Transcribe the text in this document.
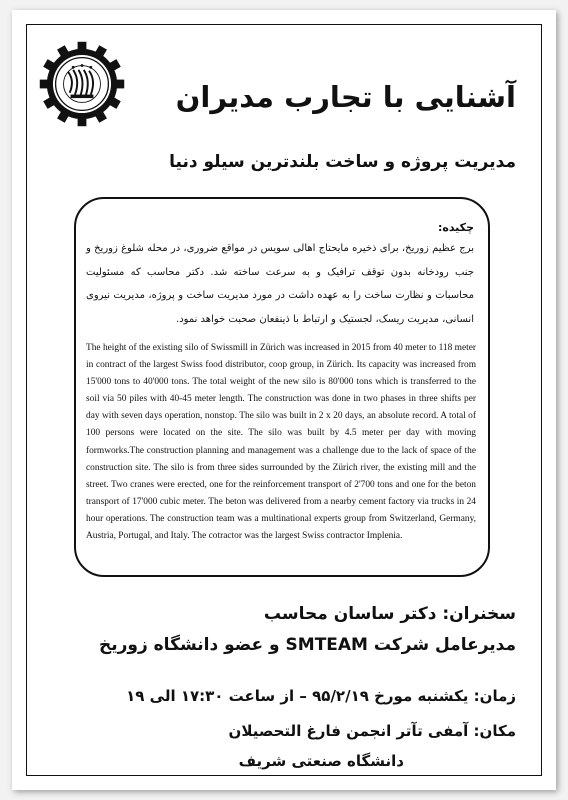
آشنایی با تجارب مدیران
مدیریت پروژه و ساخت بلندترین سیلو دنیا
چکیده:
برج عظیم زوریخ، برای ذخیره مایحتاج اهالی سویس در مواقع ضروری، در محله شلوغ زوریخ و جنب رودخانه بدون توقف ترافیک و به سرعت ساخته شد. دکتر محاسب که مسئولیت محاسبات و نظارت ساخت را به عهده داشت در مورد مدیریت ساخت و پروژه، مدیریت نیروی انسانی، مدیریت ریسک، لجستیک و ارتباط با ذینفعان صحبت خواهد نمود.
The height of the existing silo of Swissmill in Zürich was increased in 2015 from 40 meter to 118 meter in contract of the largest Swiss food distributor, coop group, in Zürich. Its capacity was increased from 15'000 tons to 40'000 tons. The total weight of the new silo is 80'000 tons which is transferred to the soil via 50 piles with 40-45 meter length. The construction was done in two phases in three shifts per day with seven days operation, nonstop. The silo was built in 2 x 20 days, an absolute record. A total of 100 persons were located on the site. The silo was built by 4.5 meter per day with moving formworks.The construction planning and management was a challenge due to the lack of space of the construction site. The silo is from three sides surrounded by the Zürich river, the existing mill and the street. Two cranes were erected, one for the reinforcement transport of 2'700 tons and one for the beton transport of 17'000 cubic meter. The beton was delivered from a nearby cement factory via trucks in 24 hour operations. The construction team was a multinational experts group from Switzerland, Germany, Austria, Portugal, and Italy. The cotractor was the largest Swiss contractor Implenia.
سخنران: دکتر ساسان محاسب
مدیرعامل شرکت SMTEAM و عضو دانشگاه زوریخ
زمان: یکشنبه مورخ ۹۵/۲/۱۹ – از ساعت ۱۷:۳۰ الی ۱۹
مکان: آمفی تآتر انجمن فارغ التحصیلان
دانشگاه صنعتی شریف
